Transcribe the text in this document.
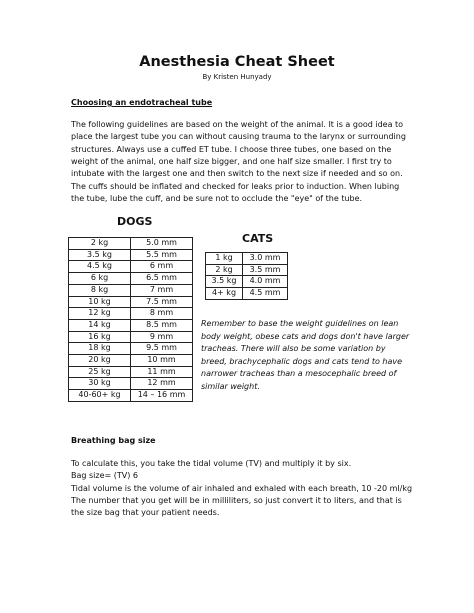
Anesthesia Cheat Sheet
By Kristen Hunyady
Choosing an endotracheal tube

The following guidelines are based on the weight of the animal. It is a good idea to

place the largest tube you can without causing trauma to the larynx or surrounding

structures. Always use a cuffed ET tube. I choose three tubes, one based on the

weight of the animal, one half size bigger, and one half size smaller. I first try to

intubate with the largest one and then switch to the next size if needed and so on.

The cuffs should be inflated and checked for leaks prior to induction. When lubing

the tube, lube the cuff, and be sure not to occlude the "eye" of the tube.

DOGS
2 kg	5.0 mm
3.5 kg	5.5 mm
4.5 kg	6 mm
6 kg	6.5 mm
8 kg	7 mm
10 kg	7.5 mm
12 kg	8 mm
14 kg	8.5 mm
16 kg	9 mm
18 kg	9.5 mm
20 kg	10 mm
25 kg	11 mm
30 kg	12 mm
40-60+ kg	14 – 16 mm
CATS
1 kg	3.0 mm
2 kg	3.5 mm
3.5 kg	4.0 mm
4+ kg	4.5 mm
Remember to base the weight guidelines on lean
body weight, obese cats and dogs don't have larger
tracheas. There will also be some variation by
breed, brachycephalic dogs and cats tend to have
narrower tracheas than a mesocephalic breed of
similar weight.
Breathing bag size

To calculate this, you take the tidal volume (TV) and multiply it by six.

Bag size= (TV) 6

Tidal volume is the volume of air inhaled and exhaled with each breath, 10 -20 ml/kg

The number that you get will be in milliliters, so just convert it to liters, and that is

the size bag that your patient needs.
